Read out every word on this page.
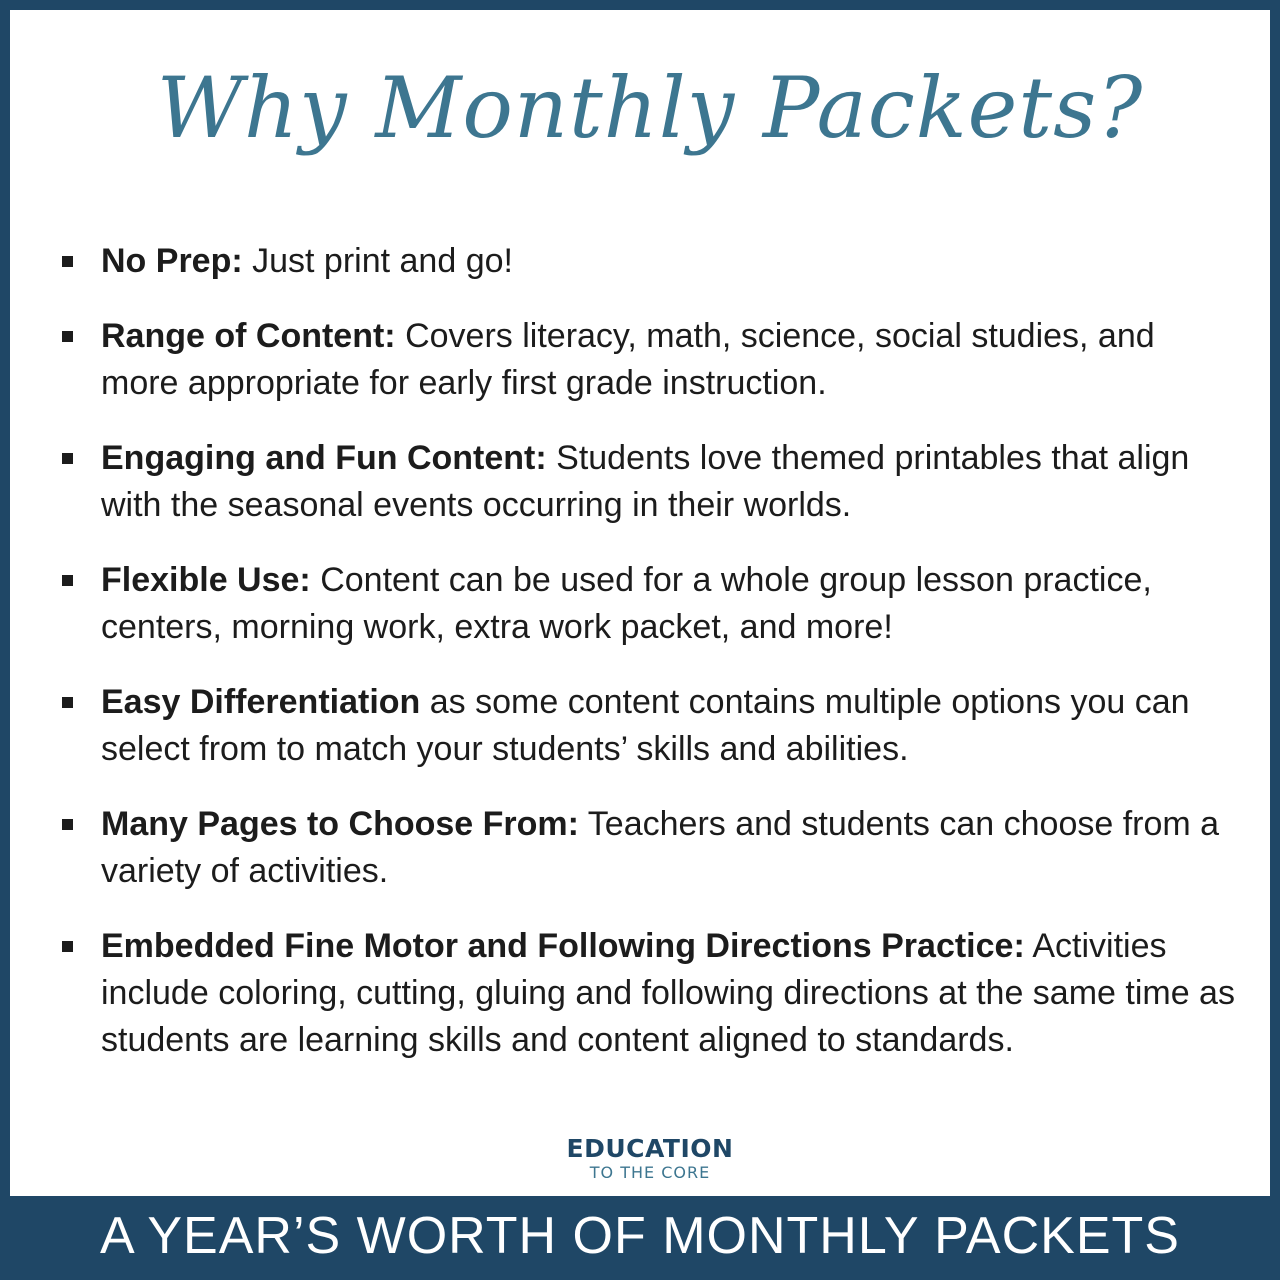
Why Monthly Packets?
No Prep: Just print and go!
Range of Content: Covers literacy, math, science, social studies, and more appropriate for early first grade instruction.
Engaging and Fun Content: Students love themed printables that align with the seasonal events occurring in their worlds.
Flexible Use: Content can be used for a whole group lesson practice, centers, morning work, extra work packet, and more!
Easy Differentiation as some content contains multiple options you can select from to match your students’ skills and abilities.
Many Pages to Choose From: Teachers and students can choose from a variety of activities.
Embedded Fine Motor and Following Directions Practice: Activities include coloring, cutting, gluing and following directions at the same time as students are learning skills and content aligned to standards.
EDUCATION
TO THE CORE
A YEAR’S WORTH OF MONTHLY PACKETS
